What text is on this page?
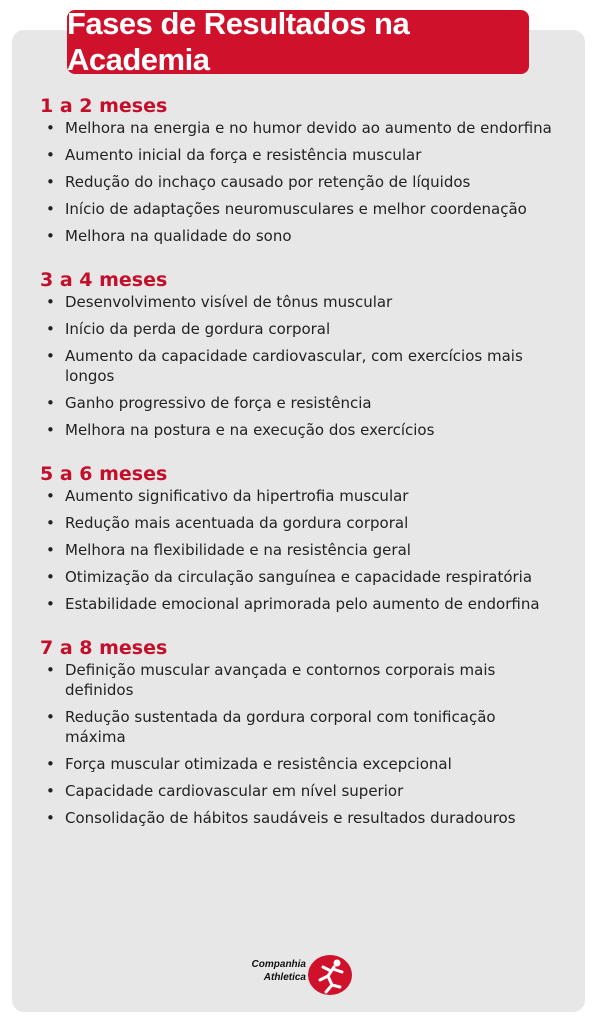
Fases de Resultados na Academia
1 a 2 meses
• Melhora na energia e no humor devido ao aumento de endorfina
• Aumento inicial da força e resistência muscular
• Redução do inchaço causado por retenção de líquidos
• Início de adaptações neuromusculares e melhor coordenação
• Melhora na qualidade do sono
3 a 4 meses
• Desenvolvimento visível de tônus muscular
• Início da perda de gordura corporal
• Aumento da capacidade cardiovascular, com exercícios mais longos
• Ganho progressivo de força e resistência
• Melhora na postura e na execução dos exercícios
5 a 6 meses
• Aumento significativo da hipertrofia muscular
• Redução mais acentuada da gordura corporal
• Melhora na flexibilidade e na resistência geral
• Otimização da circulação sanguínea e capacidade respiratória
• Estabilidade emocional aprimorada pelo aumento de endorfina
7 a 8 meses
• Definição muscular avançada e contornos corporais mais definidos
• Redução sustentada da gordura corporal com tonificação máxima
• Força muscular otimizada e resistência excepcional
• Capacidade cardiovascular em nível superior
• Consolidação de hábitos saudáveis e resultados duradouros
Companhia
Athletica
